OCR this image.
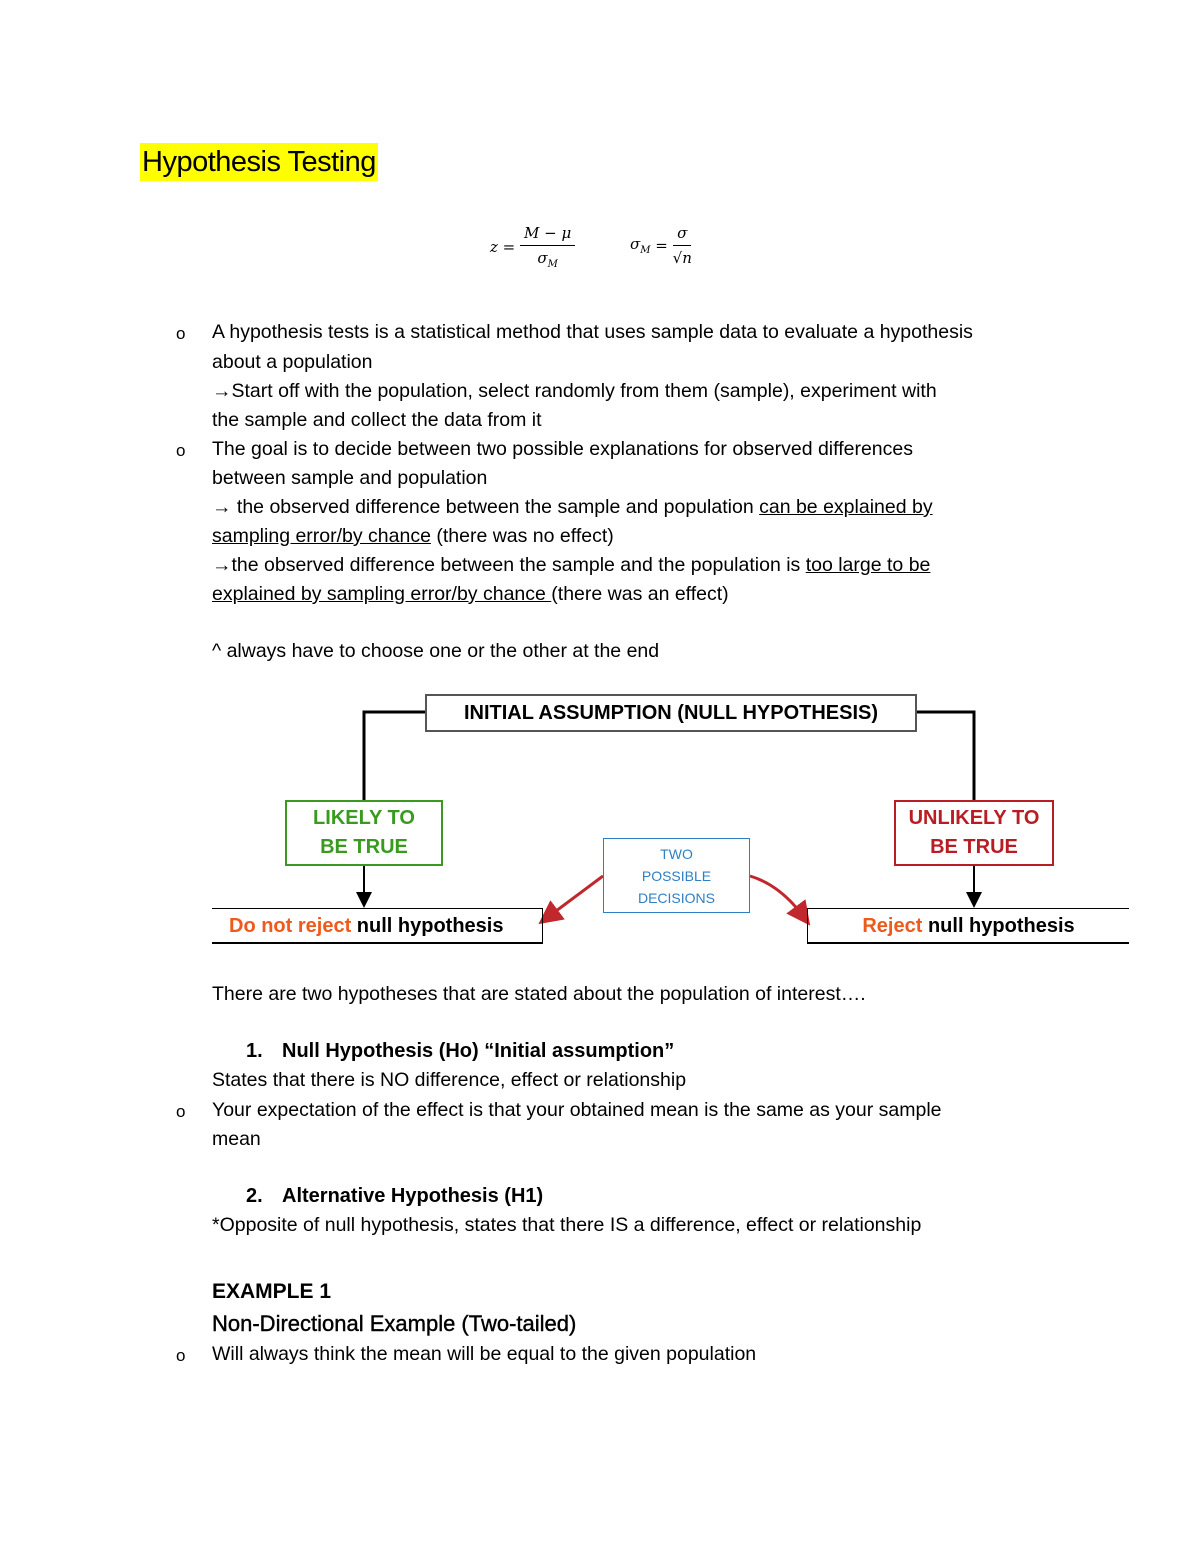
Hypothesis Testing
$z = \frac{M - \mu}{\sigma_M}$	$\sigma_M = \frac{\sigma}{√n}$
o A hypothesis tests is a statistical method that uses sample data to evaluate a hypothesis
about a population
→Start off with the population, select randomly from them (sample), experiment with
the sample and collect the data from it
o The goal is to decide between two possible explanations for observed differences
between sample and population
→ the observed difference between the sample and population can be explained by
sampling error/by chance (there was no effect)
→the observed difference between the sample and the population is too large to be
explained by sampling error/by chance (there was an effect)
^ always have to choose one or the other at the end
INITIAL ASSUMPTION (NULL HYPOTHESIS)
LIKELY TO
BE TRUE
UNLIKELY TO
BE TRUE
TWO
POSSIBLE
DECISIONS
Do not reject null hypothesis	Reject null hypothesis
There are two hypotheses that are stated about the population of interest….
1. Null Hypothesis (Ho) “Initial assumption”
States that there is NO difference, effect or relationship
o Your expectation of the effect is that your obtained mean is the same as your sample
mean
2. Alternative Hypothesis (H1)
*Opposite of null hypothesis, states that there IS a difference, effect or relationship
EXAMPLE 1
Non-Directional Example (Two-tailed)
o Will always think the mean will be equal to the given population
